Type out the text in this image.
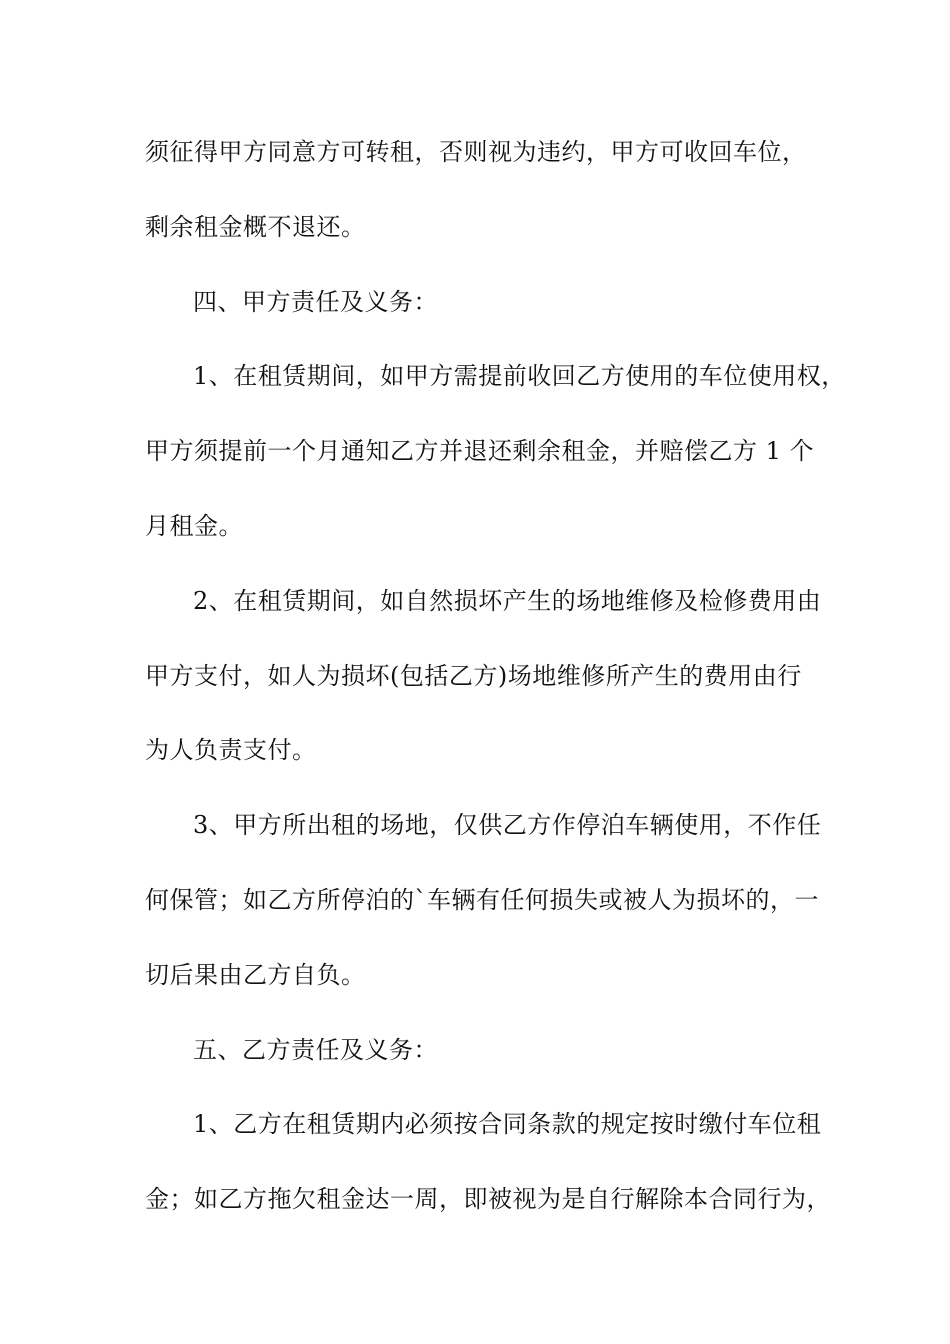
须征得甲方同意方可转租，否则视为违约，甲方可收回车位，
剩余租金概不退还。
四、甲方责任及义务：
1、在租赁期间，如甲方需提前收回乙方使用的车位使用权，
甲方须提前一个月通知乙方并退还剩余租金，并赔偿乙方 1 个
月租金。
2、在租赁期间，如自然损坏产生的场地维修及检修费用由
甲方支付，如人为损坏(包括乙方)场地维修所产生的费用由行
为人负责支付。
3、甲方所出租的场地，仅供乙方作停泊车辆使用，不作任
何保管；如乙方所停泊的`车辆有任何损失或被人为损坏的，一
切后果由乙方自负。
五、乙方责任及义务：
1、乙方在租赁期内必须按合同条款的规定按时缴付车位租
金；如乙方拖欠租金达一周，即被视为是自行解除本合同行为，
